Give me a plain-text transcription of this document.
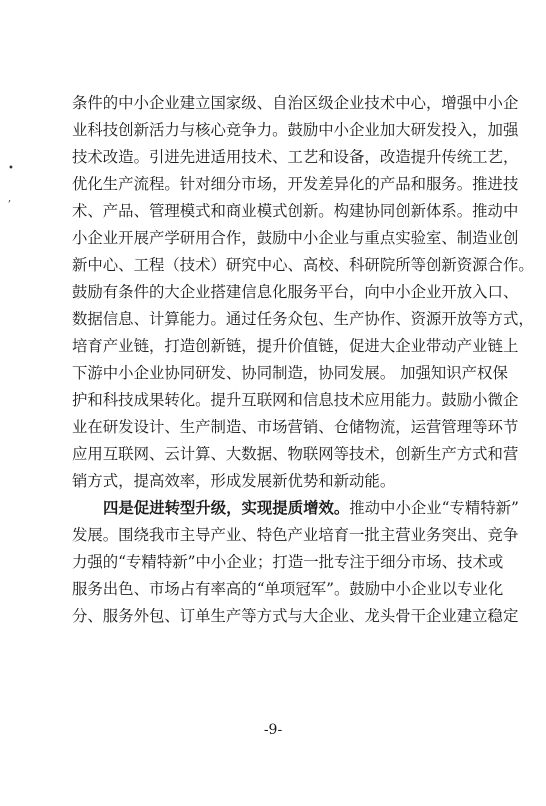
•
,
条件的中小企业建立国家级、自治区级企业技术中心，增强中小企
业科技创新活力与核心竞争力。鼓励中小企业加大研发投入，加强
技术改造。引进先进适用技术、工艺和设备，改造提升传统工艺，
优化生产流程。针对细分市场，开发差异化的产品和服务。推进技
术、产品、管理模式和商业模式创新。构建协同创新体系。推动中
小企业开展产学研用合作，鼓励中小企业与重点实验室、制造业创
新中心、工程（技术）研究中心、高校、科研院所等创新资源合作。
鼓励有条件的大企业搭建信息化服务平台，向中小企业开放入口、
数据信息、计算能力。通过任务众包、生产协作、资源开放等方式，
培育产业链，打造创新链，提升价值链，促进大企业带动产业链上
下游中小企业协同研发、协同制造，协同发展。 加强知识产权保
护和科技成果转化。提升互联网和信息技术应用能力。鼓励小微企
业在研发设计、生产制造、市场营销、仓储物流，运营管理等环节
应用互联网、云计算、大数据、物联网等技术，创新生产方式和营
销方式，提高效率，形成发展新优势和新动能。
四是促进转型升级，实现提质增效。推动中小企业“专精特新”
发展。围绕我市主导产业、特色产业培育一批主营业务突出、竞争
力强的“专精特新”中小企业；打造一批专注于细分市场、技术或
服务出色、市场占有率高的“单项冠军”。鼓励中小企业以专业化
分、服务外包、订单生产等方式与大企业、龙头骨干企业建立稳定
-9-
